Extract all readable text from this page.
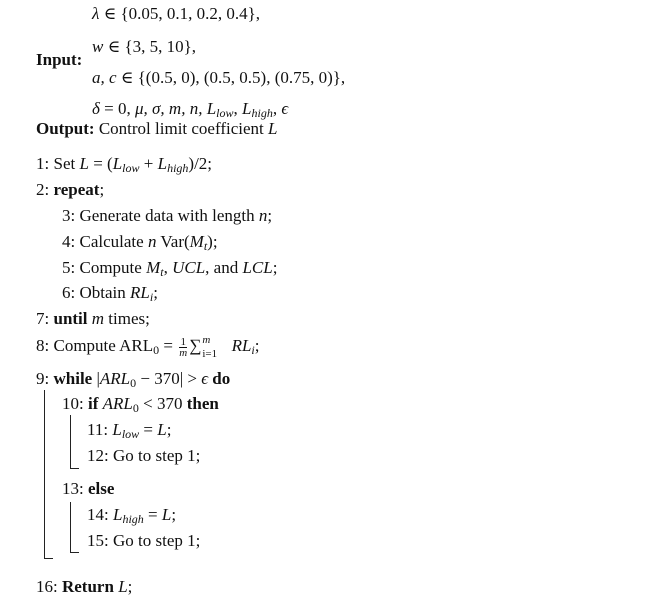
λ ∈ {0.05, 0.1, 0.2, 0.4},
w ∈ {3, 5, 10},
Input:
a, c ∈ {(0.5, 0), (0.5, 0.5), (0.75, 0)},
δ = 0, μ, σ, m, n, $L_{low}$, $L_{high}$, ϵ
Output: Control limit coefficient L
1: Set $L = (L_{low} + L_{high})/2$;
2: repeat;
3: Generate data with length n;
4: Calculate n $Var(M_t)$;
5: Compute $M_t$, UCL, and LCL;
6: Obtain $RL_i$;
7: until m times;
8: Compute $ARL_0 = \frac{1}{m}$ ∑ m
i=1 $RL_i$;
9: while $|ARL_0 - 370| > \epsilon$ do
10: if $ARL_0 < 370$ then
11: $L_{low} = L$;
12: Go to step 1;
13: else
14: $L_{high} = L$;
15: Go to step 1;
16: Return L;
